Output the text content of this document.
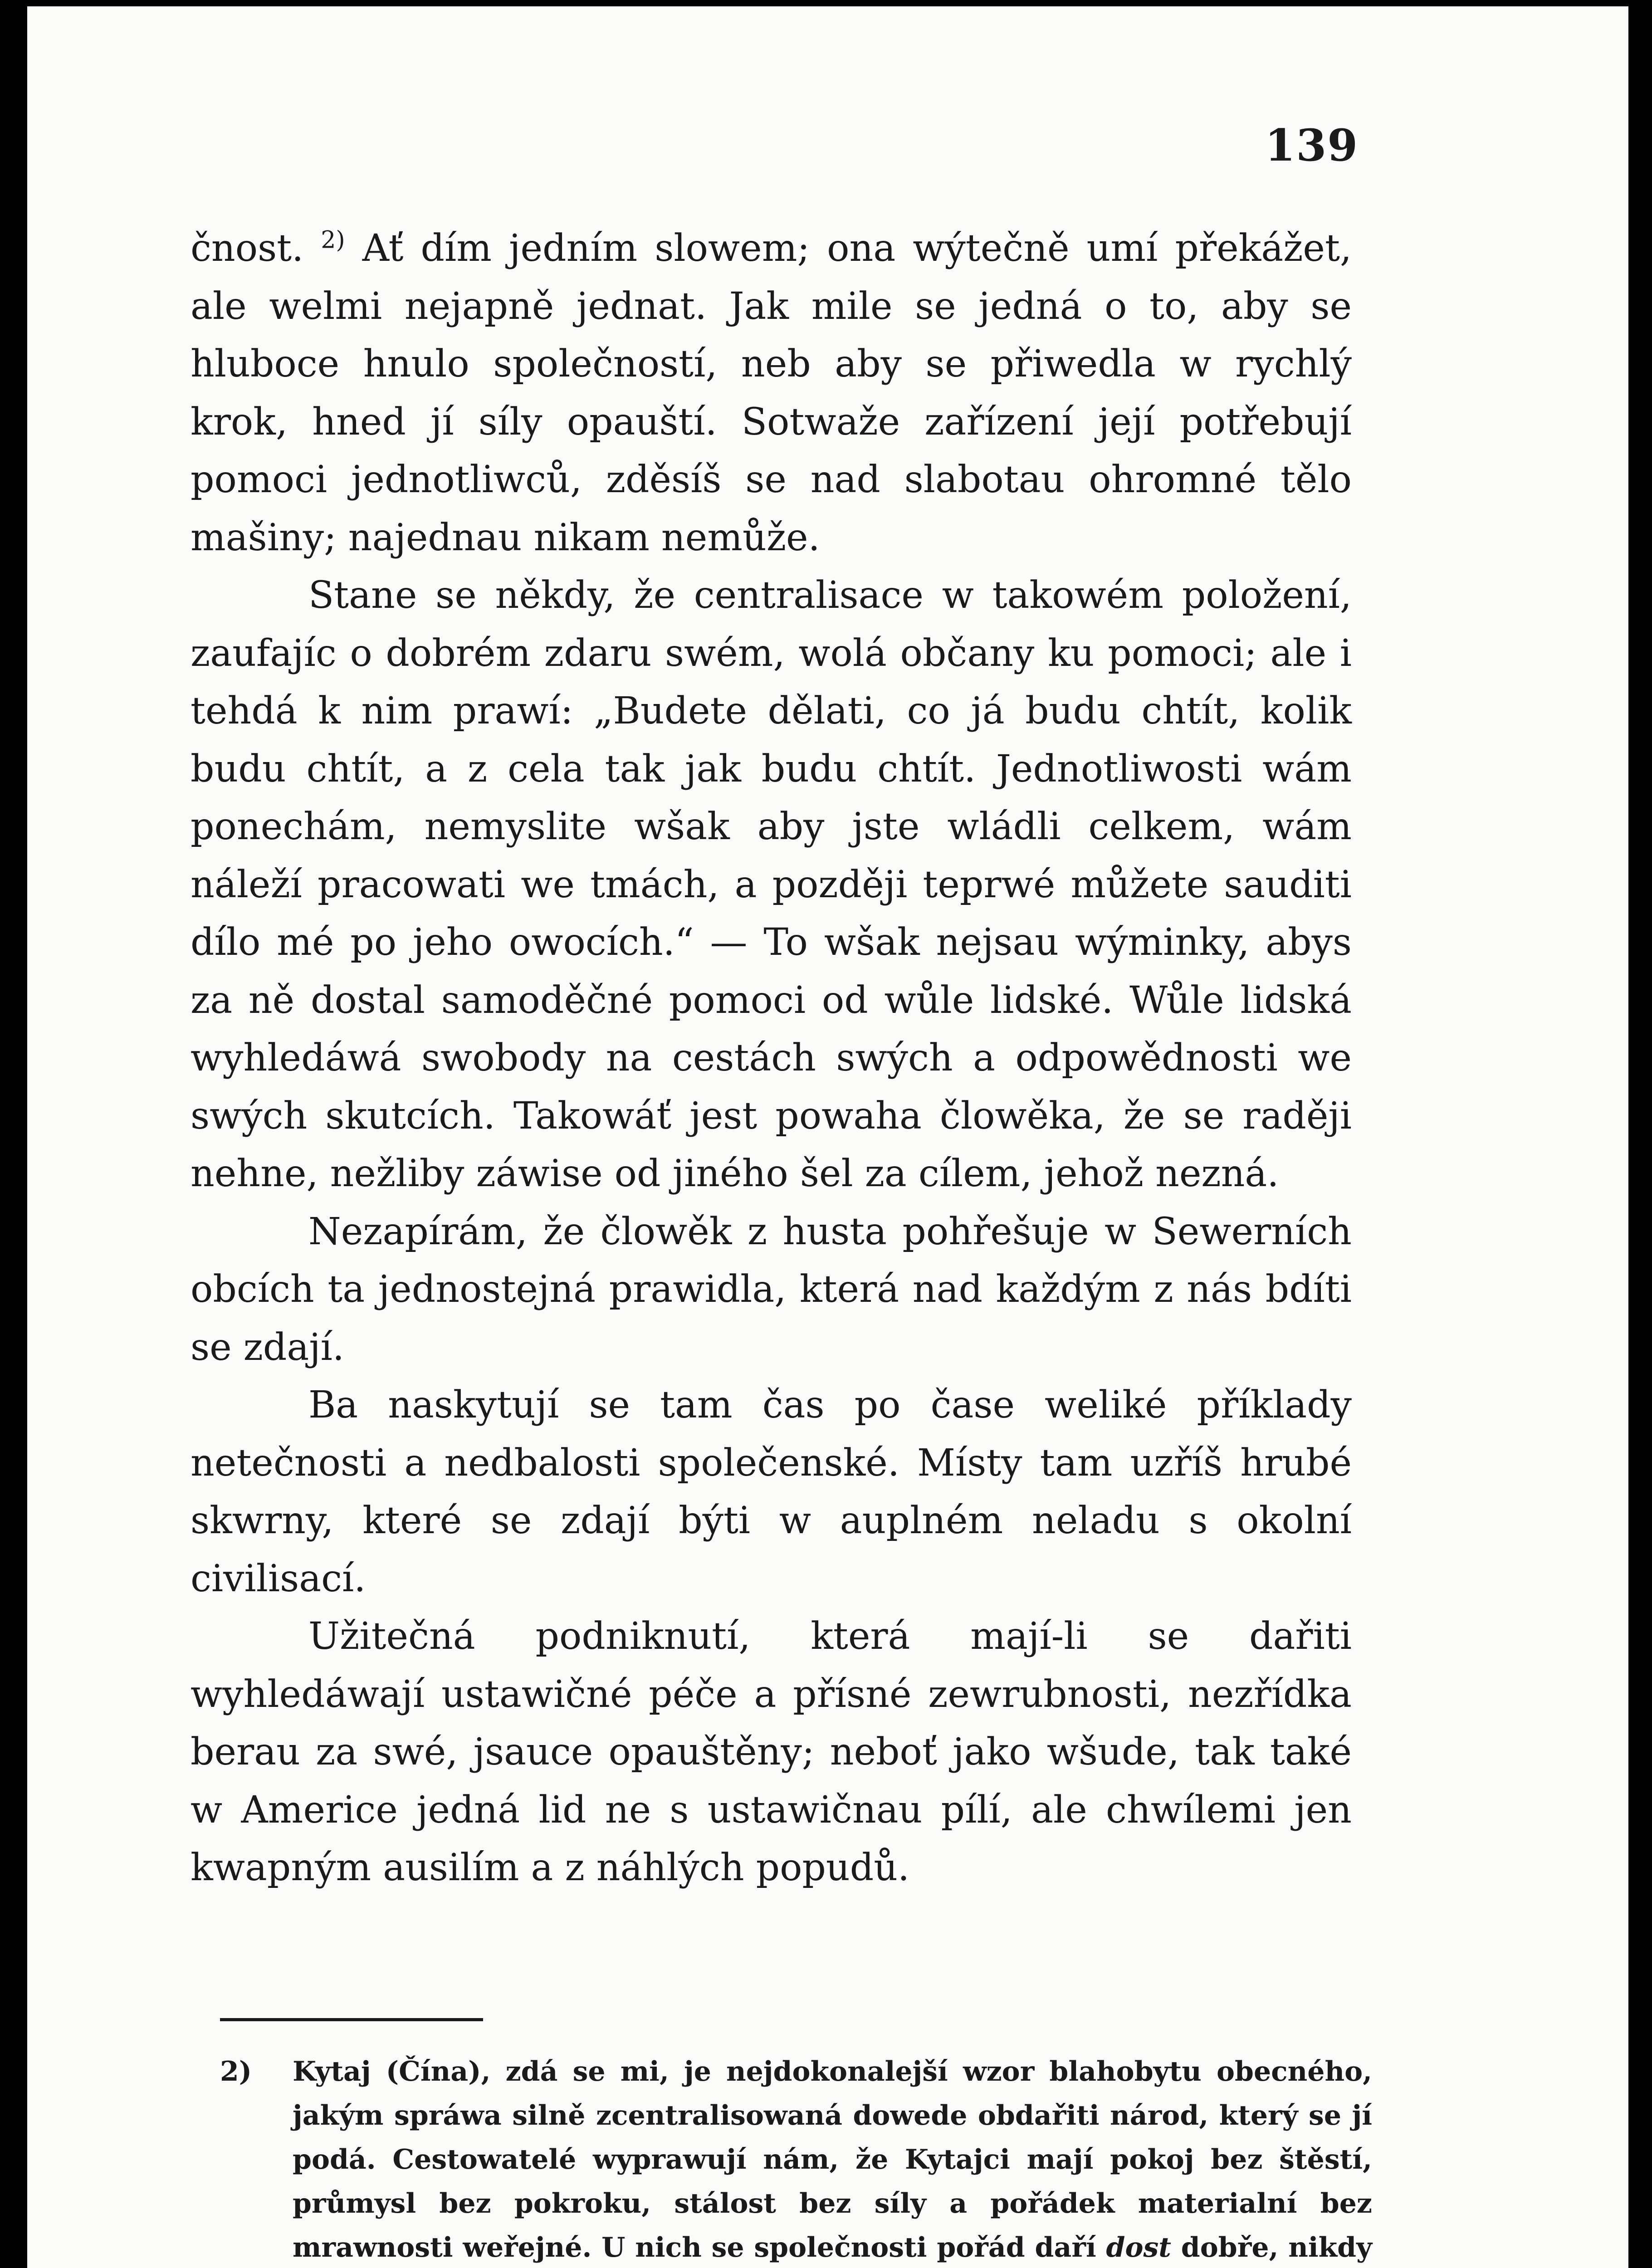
139

čnost. $^{2)}$ Ať dím jedním slowem; ona wýtečně umí překážet, ale welmi nejapně jednat. Jak mile se jedná o to, aby se hluboce hnulo společností, neb aby se přiwedla w rychlý krok, hned jí síly opauští. Sotwaže zařízení její potřebují pomoci jednotliwců, zděsíš se nad slabotau ohromné tělo mašiny; najednau nikam nemůže.

Stane se někdy, že centralisace w takowém položení, zaufajíc o dobrém zdaru swém, wolá občany ku pomoci; ale i tehdá k nim prawí: „Budete dělati, co já budu chtít, kolik budu chtít, a z cela tak jak budu chtít. Jednotliwosti wám ponechám, nemyslite wšak aby jste wládli celkem, wám náleží pracowati we tmách, a později teprwé můžete sauditi dílo mé po jeho owocích.“ — To wšak nejsau wýminky, abys za ně dostal samoděčné pomoci od wůle lidské. Wůle lidská wyhledáwá swobody na cestách swých a odpowědnosti we swých skutcích. Takowáť jest powaha člowěka, že se raději nehne, nežliby záwise od jiného šel za cílem, jehož nezná.

Nezapírám, že člowěk z husta pohřešuje w Sewerních obcích ta jednostejná prawidla, která nad každým z nás bdíti se zdají.

Ba naskytují se tam čas po čase weliké příklady netečnosti a nedbalosti společenské. Místy tam uzříš hrubé skwrny, které se zdají býti w auplném neladu s okolní civilisací.

Užitečná podniknutí, která mají-li se dařiti wyhledáwají ustawičné péče a přísné zewrubnosti, nezřídka berau za swé, jsauce opauštěny; neboť jako wšude, tak také w Americe jedná lid ne s ustawičnau pílí, ale chwílemi jen kwapným ausilím a z náhlých popudů.

2) Kytaj (Čína), zdá se mi, je nejdokonalejší wzor blahobytu obecného, jakým spráwa silně zcentralisowaná dowede obdařiti národ, který se jí podá. Cestowatelé wyprawují nám, že Kytajci mají pokoj bez štěstí, průmysl bez pokroku, stálost bez síly a pořádek materialní bez mrawnosti weřejné. U nich se společnosti pořád daří dost dobře, nikdy
